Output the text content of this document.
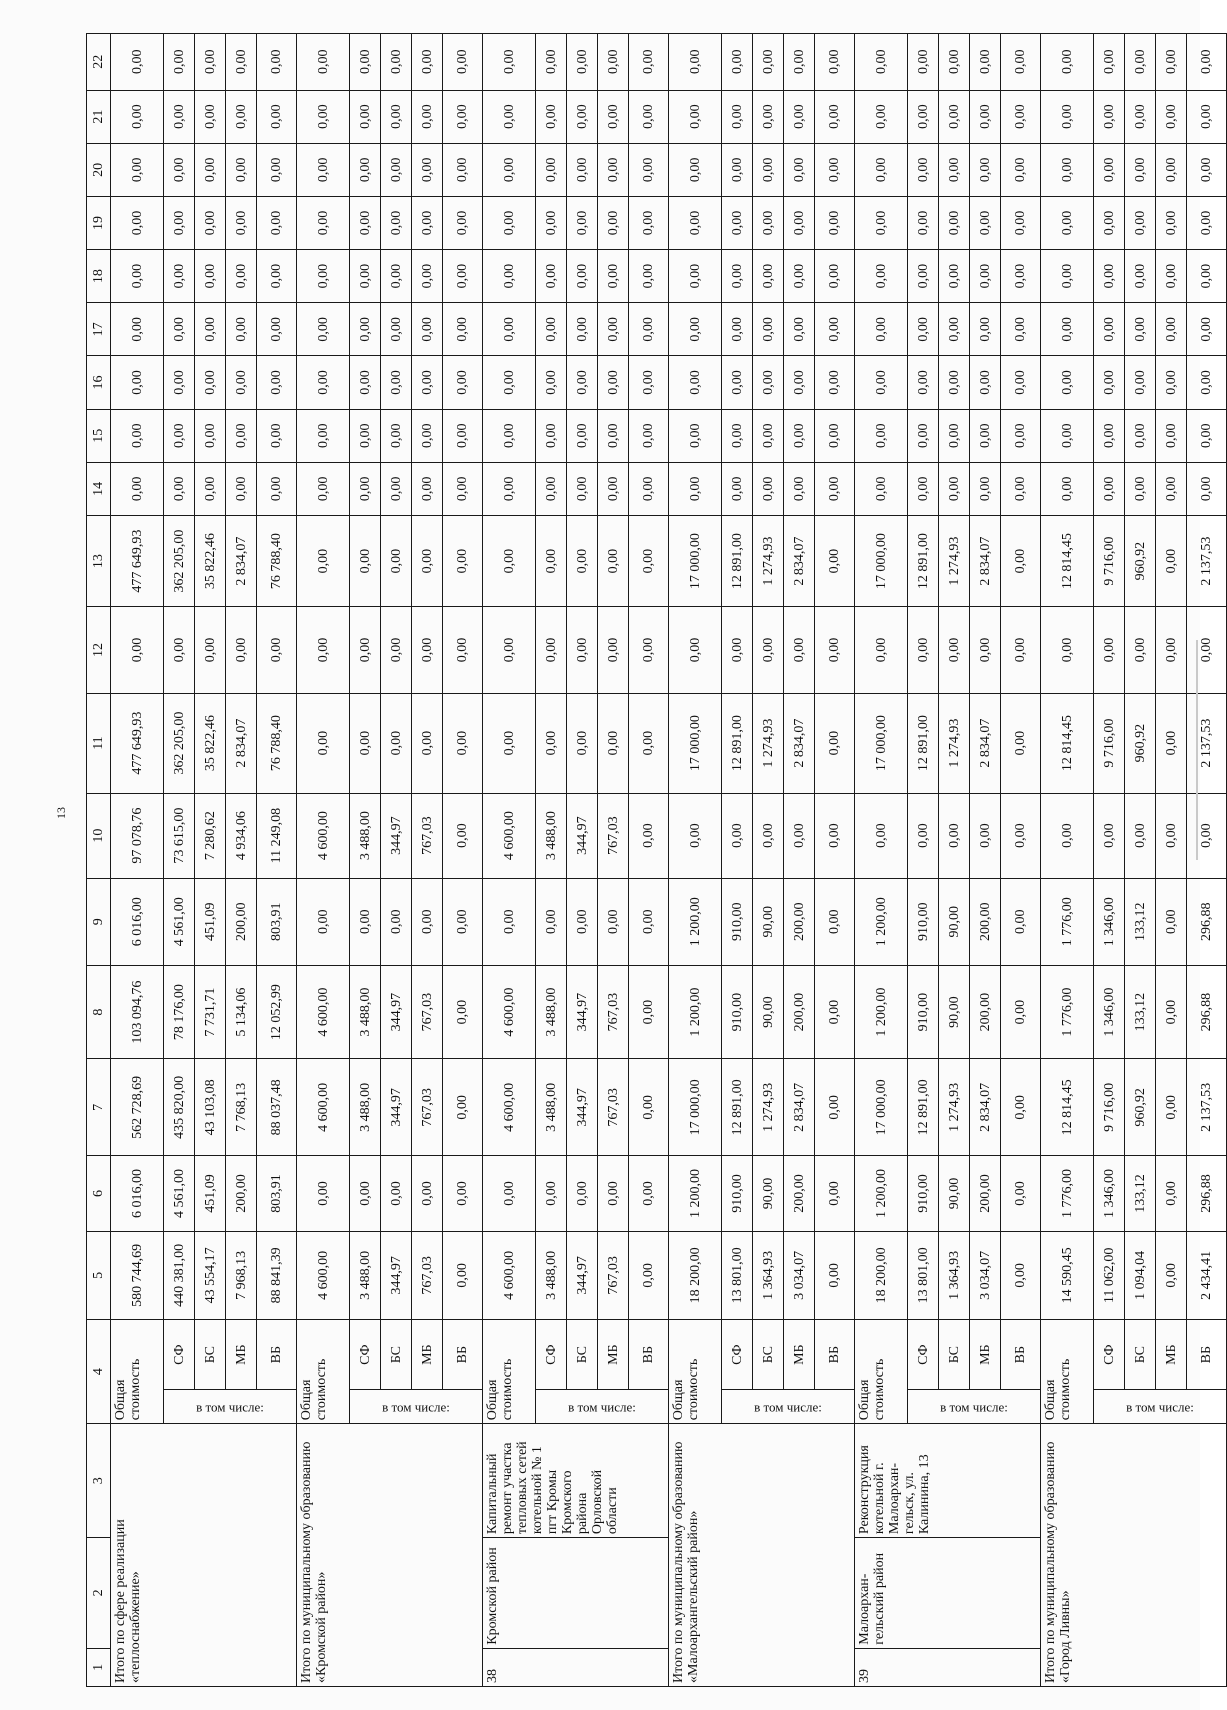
13
1	2	3	4		5	6	7	8	9	10	11	12	13	14	15	16	17	18	19	20	21	22
Итого по сфере реализации «теплоснабжение»			Общая стоимость		580 744,69	6 016,00	562 728,69	103 094,76	6 016,00	97 078,76	477 649,93	0,00	477 649,93	0,00	0,00	0,00	0,00	0,00	0,00	0,00	0,00	0,00

			в том числе:	СФ	440 381,00	4 561,00	435 820,00	78 176,00	4 561,00	73 615,00	362 205,00	0,00	362 205,00	0,00	0,00	0,00	0,00	0,00	0,00	0,00	0,00	0,00
				БС	43 554,17	451,09	43 103,08	7 731,71	451,09	7 280,62	35 822,46	0,00	35 822,46	0,00	0,00	0,00	0,00	0,00	0,00	0,00	0,00	0,00
				МБ	7 968,13	200,00	7 768,13	5 134,06	200,00	4 934,06	2 834,07	0,00	2 834,07	0,00	0,00	0,00	0,00	0,00	0,00	0,00	0,00	0,00
				ВБ	88 841,39	803,91	88 037,48	12 052,99	803,91	11 249,08	76 788,40	0,00	76 788,40	0,00	0,00	0,00	0,00	0,00	0,00	0,00	0,00	0,00
Итого по муниципальному образованию «Кромской район»			Общая стоимость		4 600,00	0,00	4 600,00	4 600,00	0,00	4 600,00	0,00	0,00	0,00	0,00	0,00	0,00	0,00	0,00	0,00	0,00	0,00	0,00

			в том числе:	СФ	3 488,00	0,00	3 488,00	3 488,00	0,00	3 488,00	0,00	0,00	0,00	0,00	0,00	0,00	0,00	0,00	0,00	0,00	0,00	0,00
				БС	344,97	0,00	344,97	344,97	0,00	344,97	0,00	0,00	0,00	0,00	0,00	0,00	0,00	0,00	0,00	0,00	0,00	0,00
				МБ	767,03	0,00	767,03	767,03	0,00	767,03	0,00	0,00	0,00	0,00	0,00	0,00	0,00	0,00	0,00	0,00	0,00	0,00
				ВБ	0,00	0,00	0,00	0,00	0,00	0,00	0,00	0,00	0,00	0,00	0,00	0,00	0,00	0,00	0,00	0,00	0,00	0,00
38	Кромской район	Капитальный ремонт участка тепловых сетей котельной № 1 пгт Кромы Кромского района Орловской области	Общая стоимость		4 600,00	0,00	4 600,00	4 600,00	0,00	4 600,00	0,00	0,00	0,00	0,00	0,00	0,00	0,00	0,00	0,00	0,00	0,00	0,00

			в том числе:	СФ	3 488,00	0,00	3 488,00	3 488,00	0,00	3 488,00	0,00	0,00	0,00	0,00	0,00	0,00	0,00	0,00	0,00	0,00	0,00	0,00
				БС	344,97	0,00	344,97	344,97	0,00	344,97	0,00	0,00	0,00	0,00	0,00	0,00	0,00	0,00	0,00	0,00	0,00	0,00
				МБ	767,03	0,00	767,03	767,03	0,00	767,03	0,00	0,00	0,00	0,00	0,00	0,00	0,00	0,00	0,00	0,00	0,00	0,00
				ВБ	0,00	0,00	0,00	0,00	0,00	0,00	0,00	0,00	0,00	0,00	0,00	0,00	0,00	0,00	0,00	0,00	0,00	0,00
Итого по муниципальному образованию «Малоархангельский район»			Общая стоимость		18 200,00	1 200,00	17 000,00	1 200,00	1 200,00	0,00	17 000,00	0,00	17 000,00	0,00	0,00	0,00	0,00	0,00	0,00	0,00	0,00	0,00

			в том числе:	СФ	13 801,00	910,00	12 891,00	910,00	910,00	0,00	12 891,00	0,00	12 891,00	0,00	0,00	0,00	0,00	0,00	0,00	0,00	0,00	0,00
				БС	1 364,93	90,00	1 274,93	90,00	90,00	0,00	1 274,93	0,00	1 274,93	0,00	0,00	0,00	0,00	0,00	0,00	0,00	0,00	0,00
				МБ	3 034,07	200,00	2 834,07	200,00	200,00	0,00	2 834,07	0,00	2 834,07	0,00	0,00	0,00	0,00	0,00	0,00	0,00	0,00	0,00
				ВБ	0,00	0,00	0,00	0,00	0,00	0,00	0,00	0,00	0,00	0,00	0,00	0,00	0,00	0,00	0,00	0,00	0,00	0,00
39	Малоархан-гельский район	Реконструкция котельной г. Малоархан-гельск, ул. Калинина, 13	Общая стоимость		18 200,00	1 200,00	17 000,00	1 200,00	1 200,00	0,00	17 000,00	0,00	17 000,00	0,00	0,00	0,00	0,00	0,00	0,00	0,00	0,00	0,00

			в том числе:	СФ	13 801,00	910,00	12 891,00	910,00	910,00	0,00	12 891,00	0,00	12 891,00	0,00	0,00	0,00	0,00	0,00	0,00	0,00	0,00	0,00
				БС	1 364,93	90,00	1 274,93	90,00	90,00	0,00	1 274,93	0,00	1 274,93	0,00	0,00	0,00	0,00	0,00	0,00	0,00	0,00	0,00
				МБ	3 034,07	200,00	2 834,07	200,00	200,00	0,00	2 834,07	0,00	2 834,07	0,00	0,00	0,00	0,00	0,00	0,00	0,00	0,00	0,00
				ВБ	0,00	0,00	0,00	0,00	0,00	0,00	0,00	0,00	0,00	0,00	0,00	0,00	0,00	0,00	0,00	0,00	0,00	0,00
Итого по муниципальному образованию «Город Ливны»			Общая стоимость		14 590,45	1 776,00	12 814,45	1 776,00	1 776,00	0,00	12 814,45	0,00	12 814,45	0,00	0,00	0,00	0,00	0,00	0,00	0,00	0,00	0,00

			в том числе:	СФ	11 062,00	1 346,00	9 716,00	1 346,00	1 346,00	0,00	9 716,00	0,00	9 716,00	0,00	0,00	0,00	0,00	0,00	0,00	0,00	0,00	0,00
				БС	1 094,04	133,12	960,92	133,12	133,12	0,00	960,92	0,00	960,92	0,00	0,00	0,00	0,00	0,00	0,00	0,00	0,00	0,00
				МБ	0,00	0,00	0,00	0,00	0,00	0,00	0,00	0,00	0,00	0,00	0,00	0,00	0,00	0,00	0,00	0,00	0,00	0,00
				ВБ	2 434,41	296,88	2 137,53	296,88	296,88	0,00	2 137,53	0,00	2 137,53	0,00	0,00	0,00	0,00	0,00	0,00	0,00	0,00	0,00
